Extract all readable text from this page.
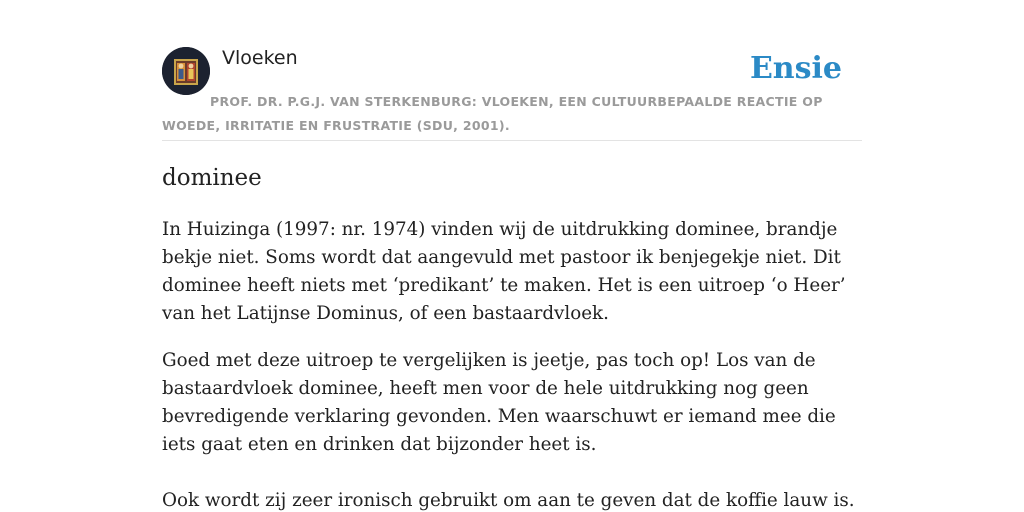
Vloeken	Ensie
PROF. DR. P.G.J. VAN STERKENBURG: VLOEKEN, EEN CULTUURBEPAALDE REACTIE OP WOEDE, IRRITATIE EN FRUSTRATIE (SDU, 2001).
dominee

In Huizinga (1997: nr. 1974) vinden wij de uitdrukking dominee, brandje bekje niet. Soms wordt dat aangevuld met pastoor ik benjegekje niet. Dit dominee heeft niets met ‘predikant’ te maken. Het is een uitroep ‘o Heer’ van het Latijnse Dominus, of een bastaardvloek.

Goed met deze uitroep te vergelijken is jeetje, pas toch op! Los van de bastaardvloek dominee, heeft men voor de hele uitdrukking nog geen bevredigende verklaring gevonden. Men waarschuwt er iemand mee die iets gaat eten en drinken dat bijzonder heet is.

Ook wordt zij zeer ironisch gebruikt om aan te geven dat de koffie lauw is.
